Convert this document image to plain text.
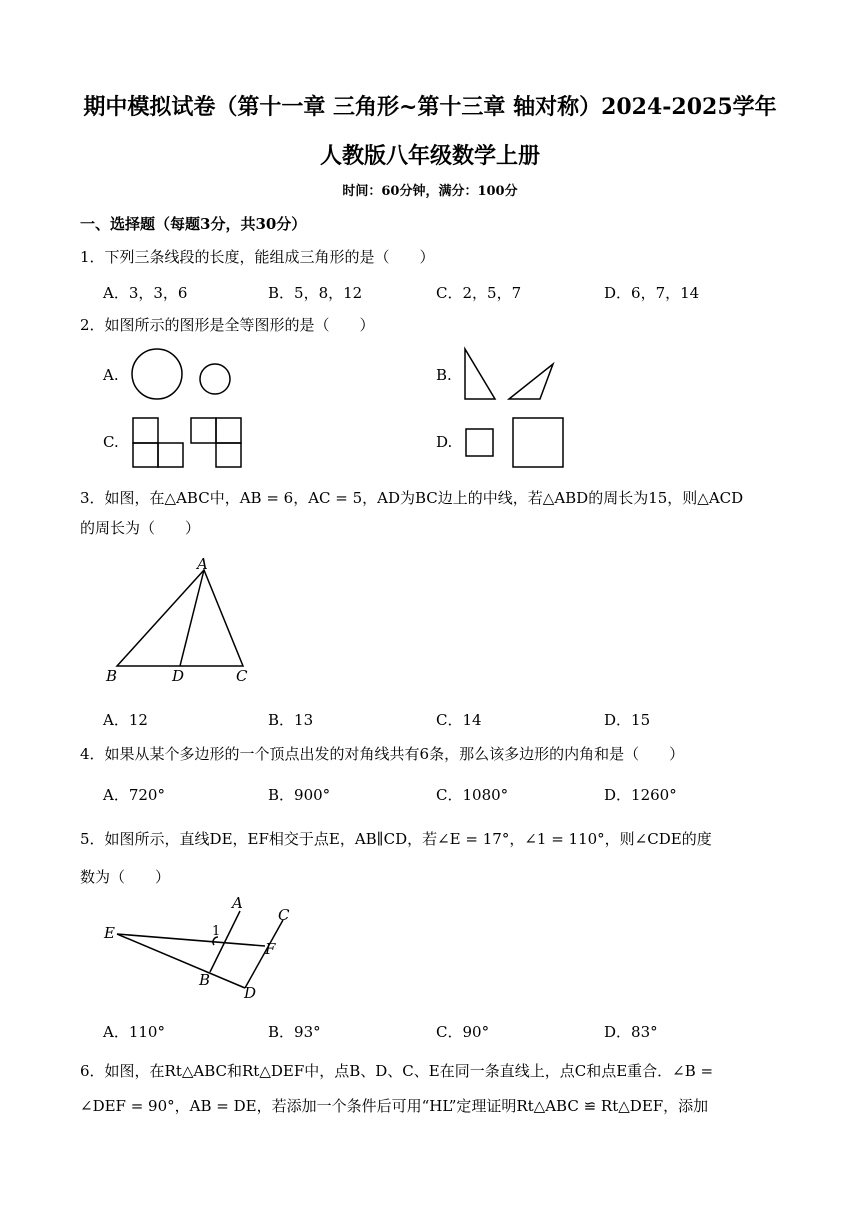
期中模拟试卷（第十一章 三角形~第十三章 轴对称）2024-2025学年
人教版八年级数学上册
时间：60分钟，满分：100分
一、选择题（每题3分，共30分）
1．下列三条线段的长度，能组成三角形的是（　　）
A．3，3，6	B．5，8，12	C．2，5，7	D．6，7，14
2．如图所示的图形是全等图形的是（　　）
A.	B.
C.	D.
3．如图，在△ABC中，AB = 6，AC = 5，AD为BC边上的中线，若△ABD的周长为15，则△ACD
的周长为（　　）
A
B	D	C
A．12	B．13	C．14	D．15
4．如果从某个多边形的一个顶点出发的对角线共有6条，那么该多边形的内角和是（　　）
A．720°	B．900°	C．1080°	D．1260°
5．如图所示，直线DE，EF相交于点E，AB∥CD，若∠E = 17°，∠1 = 110°，则∠CDE的度
数为（　　）
A
C
E	1
F
B
D
A．110°	B．93°	C．90°	D．83°
6．如图，在Rt△ABC和Rt△DEF中，点B、D、C、E在同一条直线上，点C和点E重合．∠B =
∠DEF = 90°，AB = DE，若添加一个条件后可用“HL”定理证明Rt△ABC ≌ Rt△DEF，添加
